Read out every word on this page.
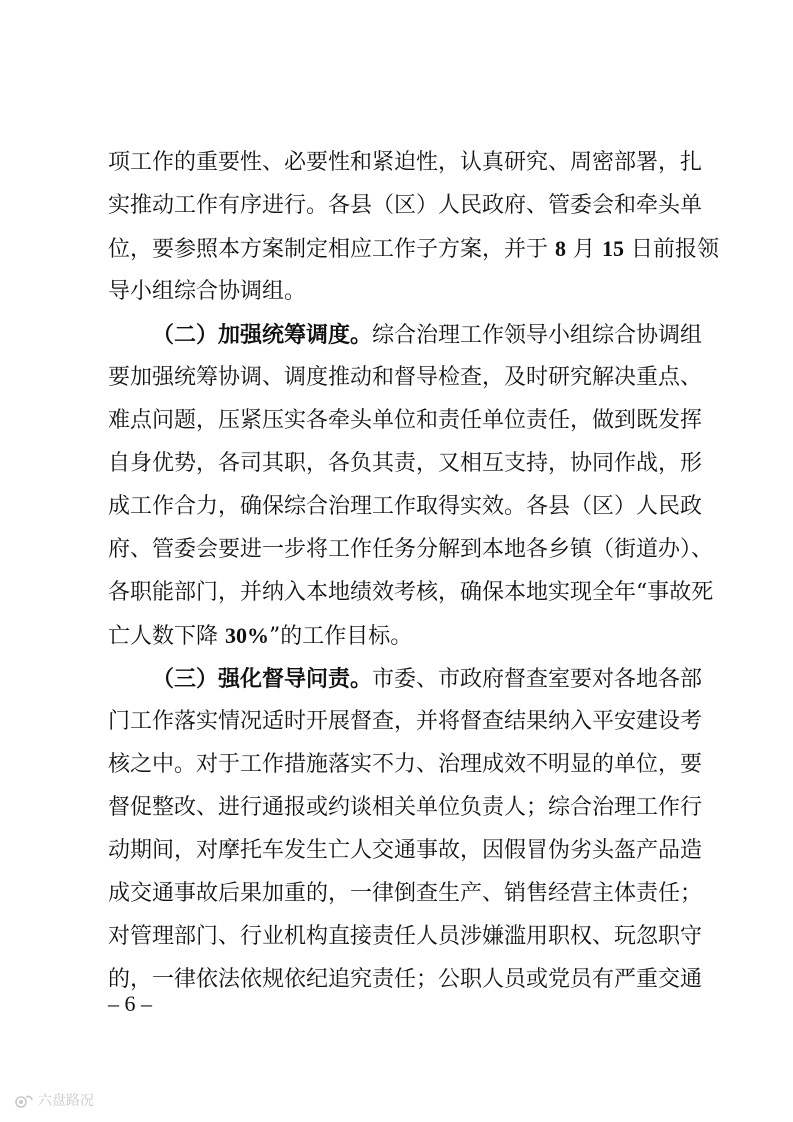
项工作的重要性、必要性和紧迫性，认真研究、周密部署，扎
实推动工作有序进行。各县（区）人民政府、管委会和牵头单
位，要参照本方案制定相应工作子方案，并于 8 月 15 日前报领
导小组综合协调组。
（二）加强统筹调度。综合治理工作领导小组综合协调组
要加强统筹协调、调度推动和督导检查，及时研究解决重点、
难点问题，压紧压实各牵头单位和责任单位责任，做到既发挥
自身优势，各司其职，各负其责，又相互支持，协同作战，形
成工作合力，确保综合治理工作取得实效。各县（区）人民政
府、管委会要进一步将工作任务分解到本地各乡镇（街道办）、
各职能部门，并纳入本地绩效考核，确保本地实现全年“事故死
亡人数下降 30%”的工作目标。
（三）强化督导问责。市委、市政府督查室要对各地各部
门工作落实情况适时开展督查，并将督查结果纳入平安建设考
核之中。对于工作措施落实不力、治理成效不明显的单位，要
督促整改、进行通报或约谈相关单位负责人；综合治理工作行
动期间，对摩托车发生亡人交通事故，因假冒伪劣头盔产品造
成交通事故后果加重的，一律倒查生产、销售经营主体责任；
对管理部门、行业机构直接责任人员涉嫌滥用职权、玩忽职守
的，一律依法依规依纪追究责任；公职人员或党员有严重交通
– 6 –
六盘路况
